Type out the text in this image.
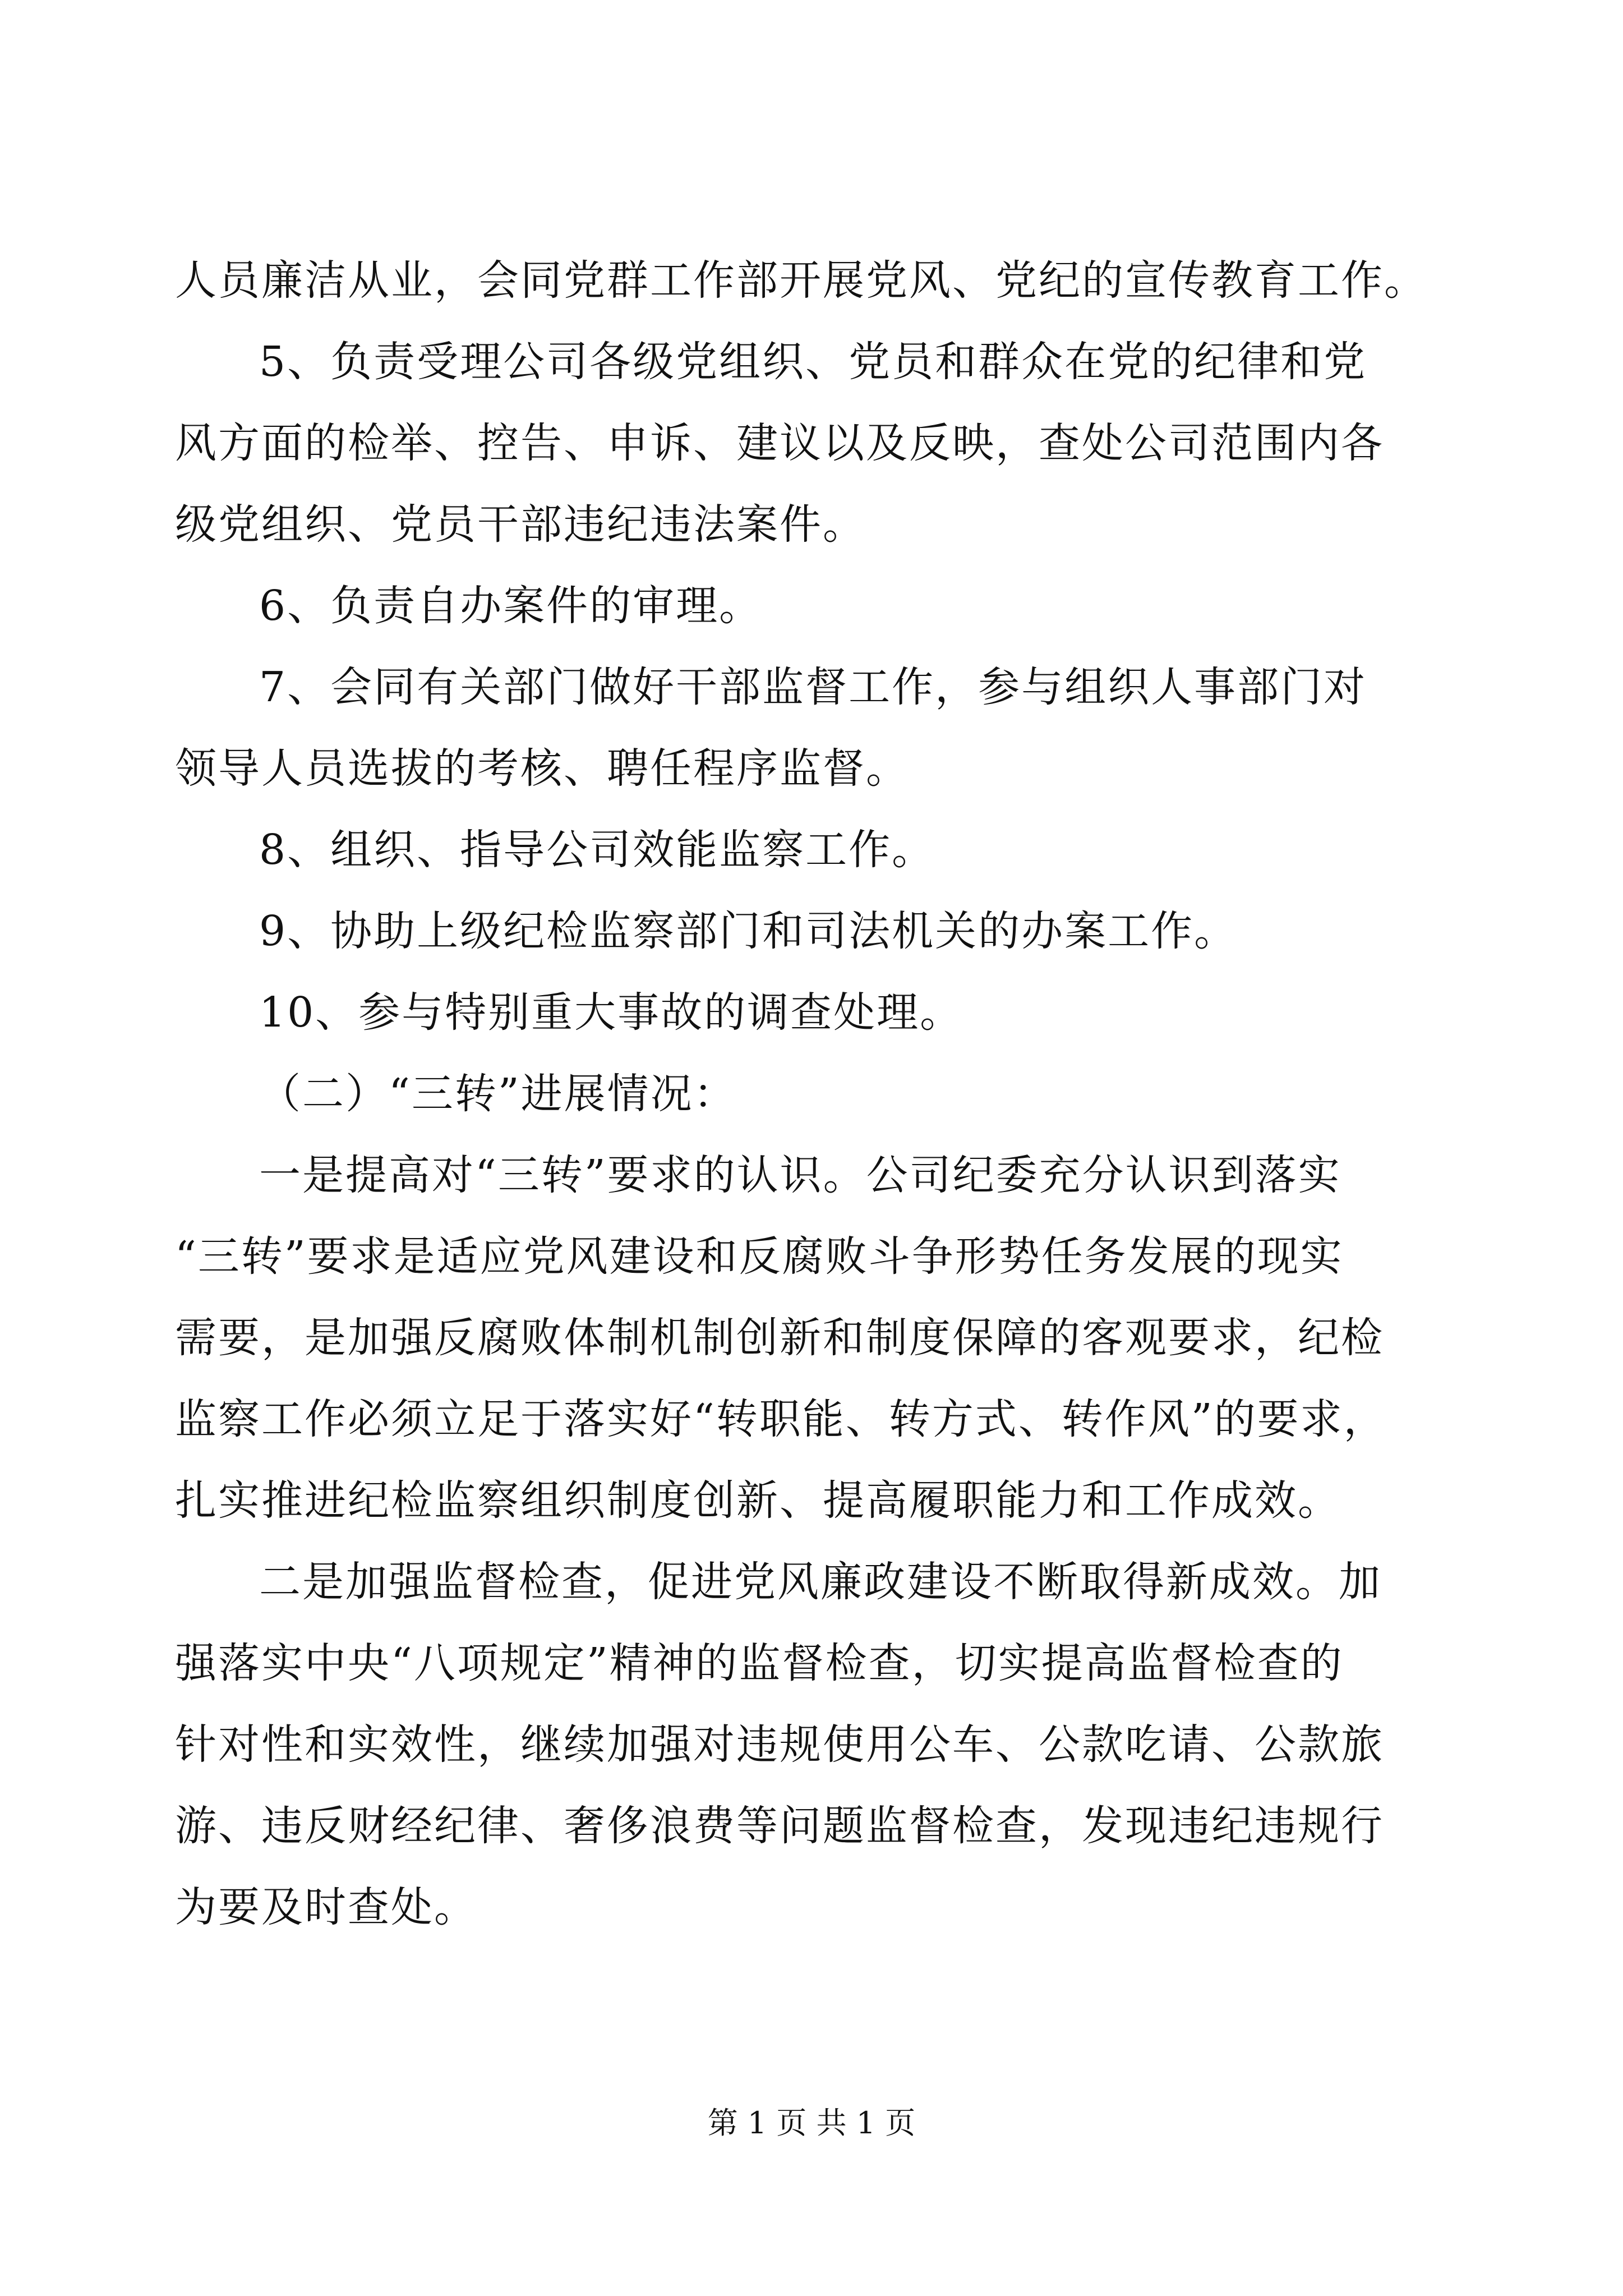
人员廉洁从业，会同党群工作部开展党风、党纪的宣传教育工作。
5、负责受理公司各级党组织、党员和群众在党的纪律和党
风方面的检举、控告、申诉、建议以及反映，查处公司范围内各
级党组织、党员干部违纪违法案件。
6、负责自办案件的审理。
7、会同有关部门做好干部监督工作，参与组织人事部门对
领导人员选拔的考核、聘任程序监督。
8、组织、指导公司效能监察工作。
9、协助上级纪检监察部门和司法机关的办案工作。
10、参与特别重大事故的调查处理。
（二）“三转”进展情况：
一是提高对“三转”要求的认识。公司纪委充分认识到落实
“三转”要求是适应党风建设和反腐败斗争形势任务发展的现实
需要，是加强反腐败体制机制创新和制度保障的客观要求，纪检
监察工作必须立足于落实好“转职能、转方式、转作风”的要求，
扎实推进纪检监察组织制度创新、提高履职能力和工作成效。
二是加强监督检查，促进党风廉政建设不断取得新成效。加
强落实中央“八项规定”精神的监督检查，切实提高监督检查的
针对性和实效性，继续加强对违规使用公车、公款吃请、公款旅
游、违反财经纪律、奢侈浪费等问题监督检查，发现违纪违规行
为要及时查处。
第 1 页 共 1 页
